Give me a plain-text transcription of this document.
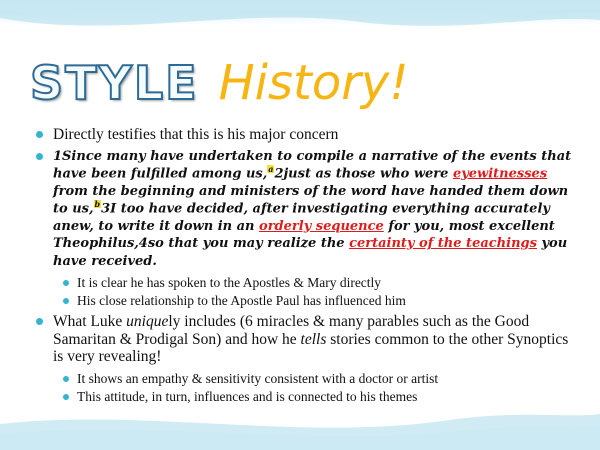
STYLE History!
Directly testifies that this is his major concern
1Since many have undertaken to compile a narrative of the events that have been fulfilled among us,a2just as those who were eyewitnesses from the beginning and ministers of the word have handed them down to us,b3I too have decided, after investigating everything accurately anew, to write it down in an orderly sequence for you, most excellent Theophilus,4so that you may realize the certainty of the teachings you have received.
It is clear he has spoken to the Apostles & Mary directly
His close relationship to the Apostle Paul has influenced him
What Luke uniquely includes (6 miracles & many parables such as the Good Samaritan & Prodigal Son) and how he tells stories common to the other Synoptics is very revealing!
It shows an empathy & sensitivity consistent with a doctor or artist
This attitude, in turn, influences and is connected to his themes
